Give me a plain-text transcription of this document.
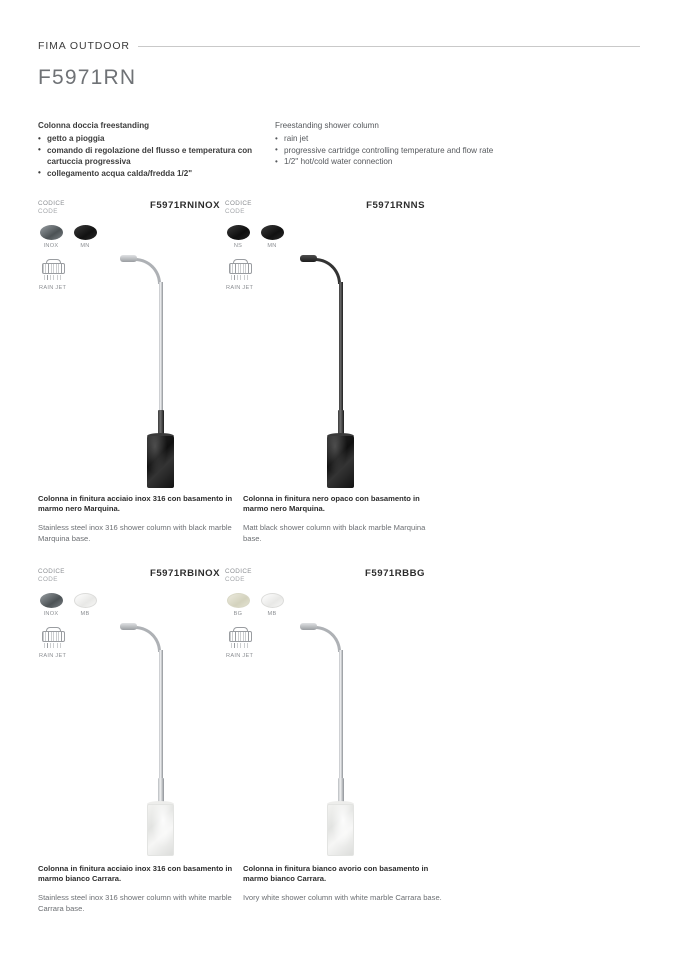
FIMA OUTDOOR
F5971RN
Colonna doccia freestanding
• getto a pioggia
• comando di regolazione del flusso e temperatura con cartuccia progressiva
• collegamento acqua calda/fredda 1/2"
Freestanding shower column
• rain jet
• progressive cartridge controlling temperature and flow rate
• 1/2'' hot/cold water connection
CODICE
CODE
F5971RNINOX
INOX	MN
RAIN JET
CODICE
CODE
F5971RNNS
NS	MN
RAIN JET
Colonna in finitura acciaio inox 316 con basamento in marmo nero Marquina.
Stainless steel inox 316 shower column with black marble Marquina base.
Colonna in finitura nero opaco con basamento in marmo nero Marquina.
Matt black shower column with black marble Marquina base.
CODICE
CODE
F5971RBINOX
INOX	MB
RAIN JET
CODICE
CODE
F5971RBBG
BG	MB
RAIN JET
Colonna in finitura acciaio inox 316 con basamento in marmo bianco Carrara.
Stainless steel inox 316 shower column with white marble Carrara base.
Colonna in finitura bianco avorio con basamento in marmo bianco Carrara.
Ivory white shower column with white marble Carrara base.
